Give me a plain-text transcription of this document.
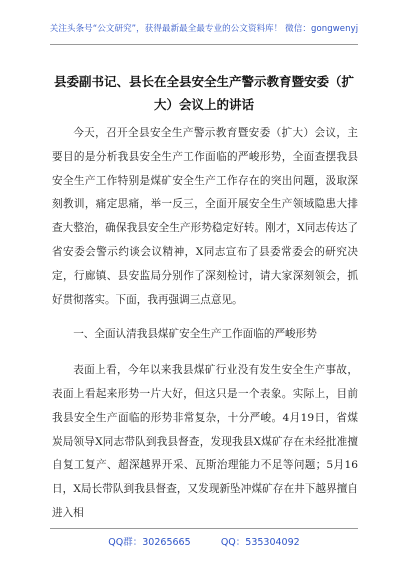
关注头条号“公文研究”，获得最新最全最专业的公文资料库！ 微信：gongwenyj
县委副书记、县长在全县安全生产警示教育暨安委（扩
大）会议上的讲话

今天，召开全县安全生产警示教育暨安委（扩大）会议，主要目的是分析我县安全生产工作面临的严峻形势，全面查摆我县安全生产工作特别是煤矿安全生产工作存在的突出问题，汲取深刻教训，痛定思痛，举一反三，全面开展安全生产领域隐患大排查大整治，确保我县安全生产形势稳定好转。刚才，X同志传达了省安委会警示约谈会议精神，X同志宣布了县委常委会的研究决定，行廊镇、县安监局分别作了深刻检讨，请大家深刻领会，抓好贯彻落实。下面，我再强调三点意见。

一、全面认清我县煤矿安全生产工作面临的严峻形势

表面上看，今年以来我县煤矿行业没有发生安全生产事故，表面上看起来形势一片大好，但这只是一个表象。实际上，目前我县安全生产面临的形势非常复杂，十分严峻。4月19日，省煤炭局领导X同志带队到我县督查，发现我县X煤矿存在未经批准擅自复工复产、超深越界开采、瓦斯治理能力不足等问题；5月16日，X局长带队到我县督查，又发现新坠冲煤矿存在井下越界擅自进入相

QQ群：30265665	QQ：535304092
